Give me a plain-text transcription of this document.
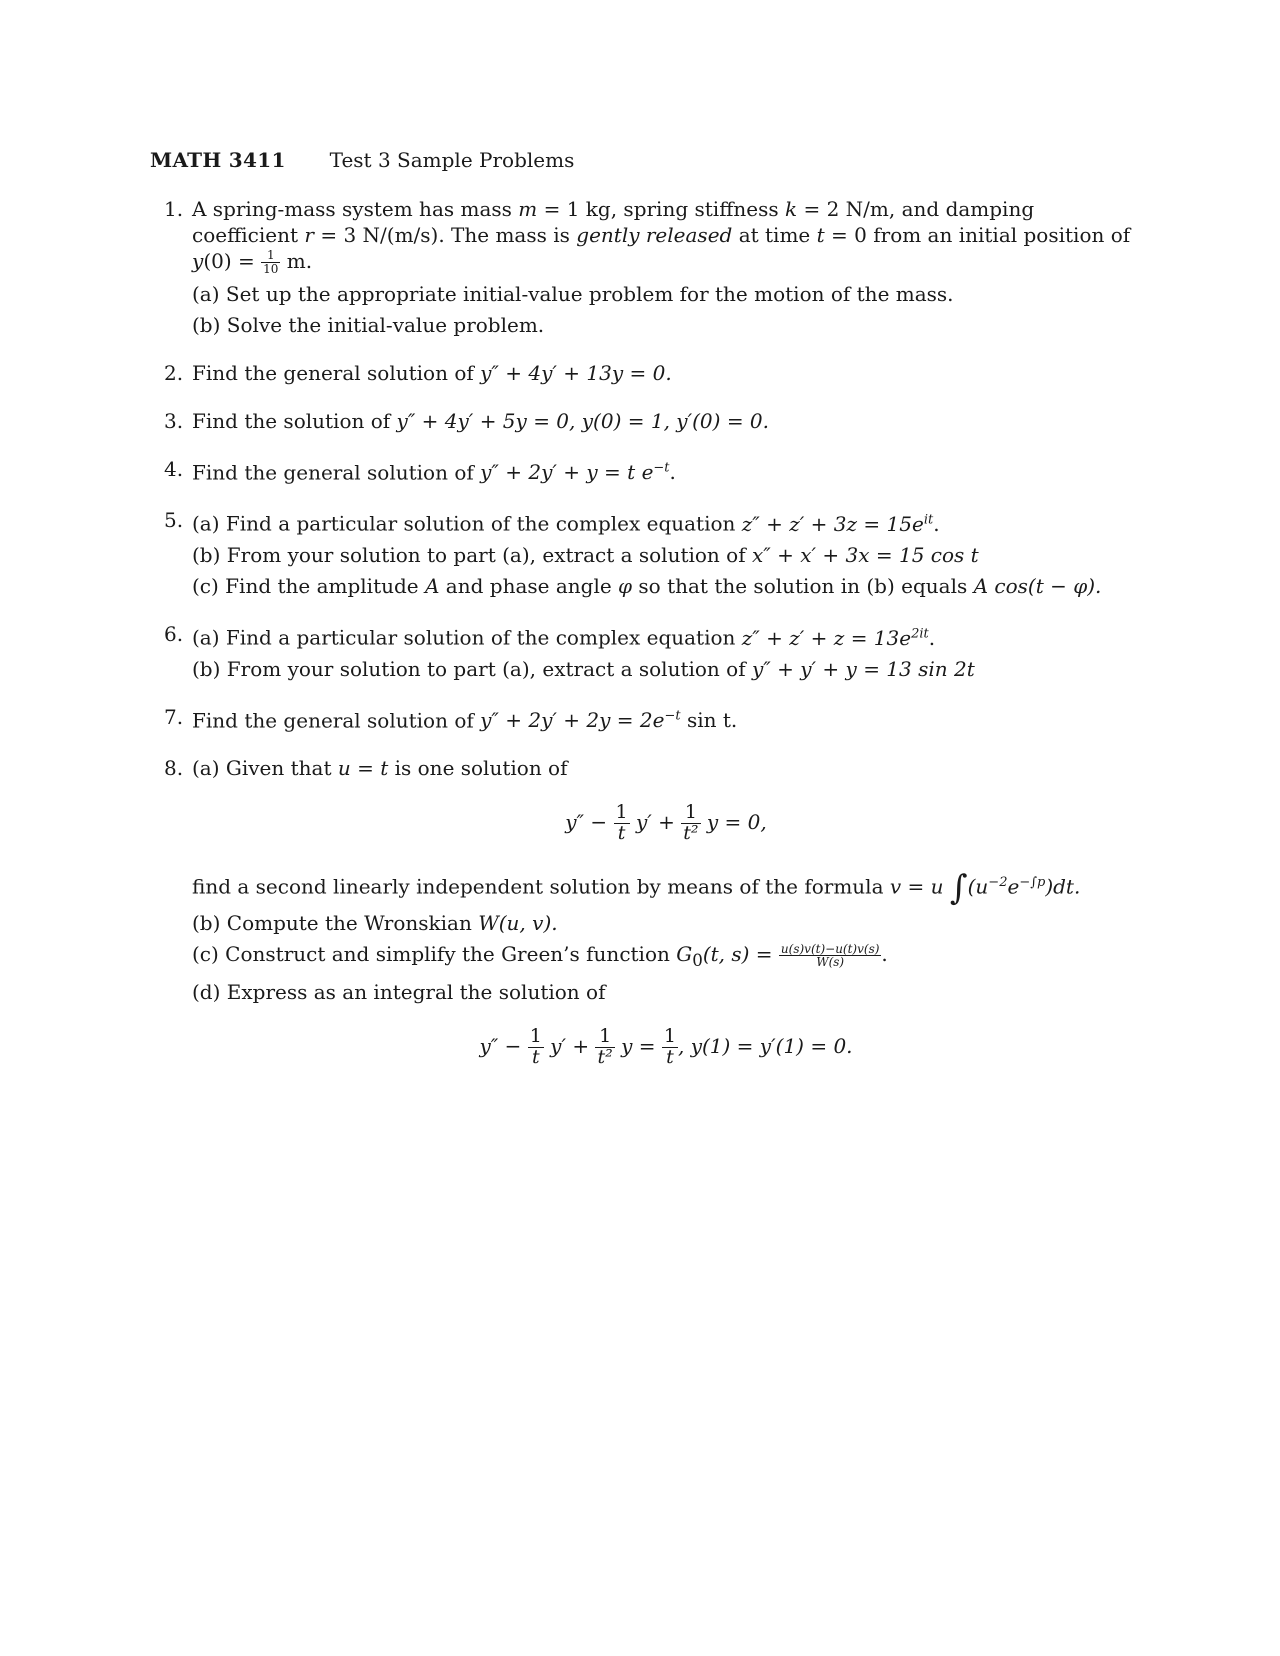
MATH 3411 Test 3 Sample Problems
1. A spring-mass system has mass m = 1 kg, spring stiffness k = 2 N/m, and damping coefficient r = 3 N/(m/s). The mass is gently released at time t = 0 from an initial position of $y(0) = \frac{1}{10} m$.
(a) Set up the appropriate initial-value problem for the motion of the mass.
(b) Solve the initial-value problem.
2. Find the general solution of y″ + 4y′ + 13y = 0.
3. Find the solution of y″ + 4y′ + 5y = 0, y(0) = 1, y′(0) = 0.
4. Find the general solution of y″ + 2y′ + y = t $e^{-t}$.
5. (a) Find a particular solution of the complex equation $z'' + z' + 3z = 15e^{it}$.
(b) From your solution to part (a), extract a solution of x″ + x′ + 3x = 15 cos t
(c) Find the amplitude A and phase angle φ so that the solution in (b) equals A cos(t − φ).
6. (a) Find a particular solution of the complex equation $z'' + z' + z = 13e^{2it}$.
(b) From your solution to part (a), extract a solution of y″ + y′ + y = 13 sin 2t
7. Find the general solution of $y'' + 2y' + 2y = 2e^{-t}$ sin t.
8. (a) Given that u = t is one solution of
$y'' - \frac{1}{t} y' + \frac{1}{\text{t²}}$ y = 0,
find a second linearly independent solution by means of the formula v = u $\int(u^{-2}e^{-\int p})dt$.
(b) Compute the Wronskian W(u, v).
(c) Construct and simplify the Green’s function $G_0(t$, $s) = \frac{u(s)v(t)-u(t)v(s)}{W(s)}$ .
(d) Express as an integral the solution of
$y'' - \frac{1}{t} y' + \frac{1}{\text{t²}}$ $y = \frac{1}{t}$ , y(1) = y′(1) = 0.
